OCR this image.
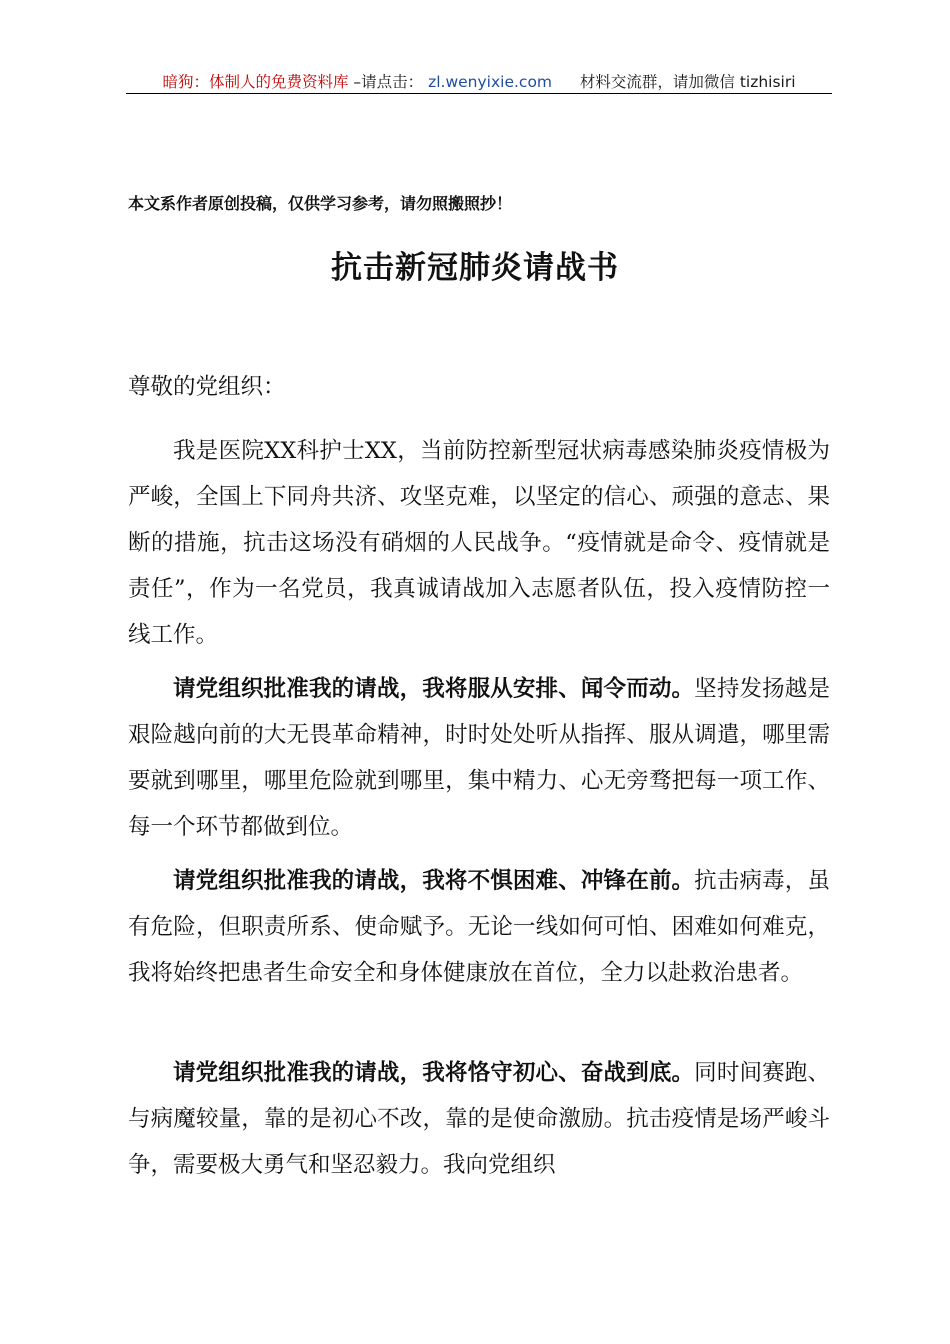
暗狗：体制人的免费资料库 –请点击： zl.wenyixie.com 材料交流群，请加微信 tizhisiri
本文系作者原创投稿，仅供学习参考，请勿照搬照抄！
抗击新冠肺炎请战书
尊敬的党组织：

我是医院XX科护士XX，当前防控新型冠状病毒感染肺炎疫情极为严峻，全国上下同舟共济、攻坚克难，以坚定的信心、顽强的意志、果断的措施，抗击这场没有硝烟的人民战争。“疫情就是命令、疫情就是责任”，作为一名党员，我真诚请战加入志愿者队伍，投入疫情防控一线工作。

请党组织批准我的请战，我将服从安排、闻令而动。坚持发扬越是艰险越向前的大无畏革命精神，时时处处听从指挥、服从调遣，哪里需要就到哪里，哪里危险就到哪里，集中精力、心无旁骛把每一项工作、每一个环节都做到位。

请党组织批准我的请战，我将不惧困难、冲锋在前。抗击病毒，虽有危险，但职责所系、使命赋予。无论一线如何可怕、困难如何难克，我将始终把患者生命安全和身体健康放在首位，全力以赴救治患者。

请党组织批准我的请战，我将恪守初心、奋战到底。同时间赛跑、与病魔较量，靠的是初心不改，靠的是使命激励。抗击疫情是场严峻斗争，需要极大勇气和坚忍毅力。我向党组织
